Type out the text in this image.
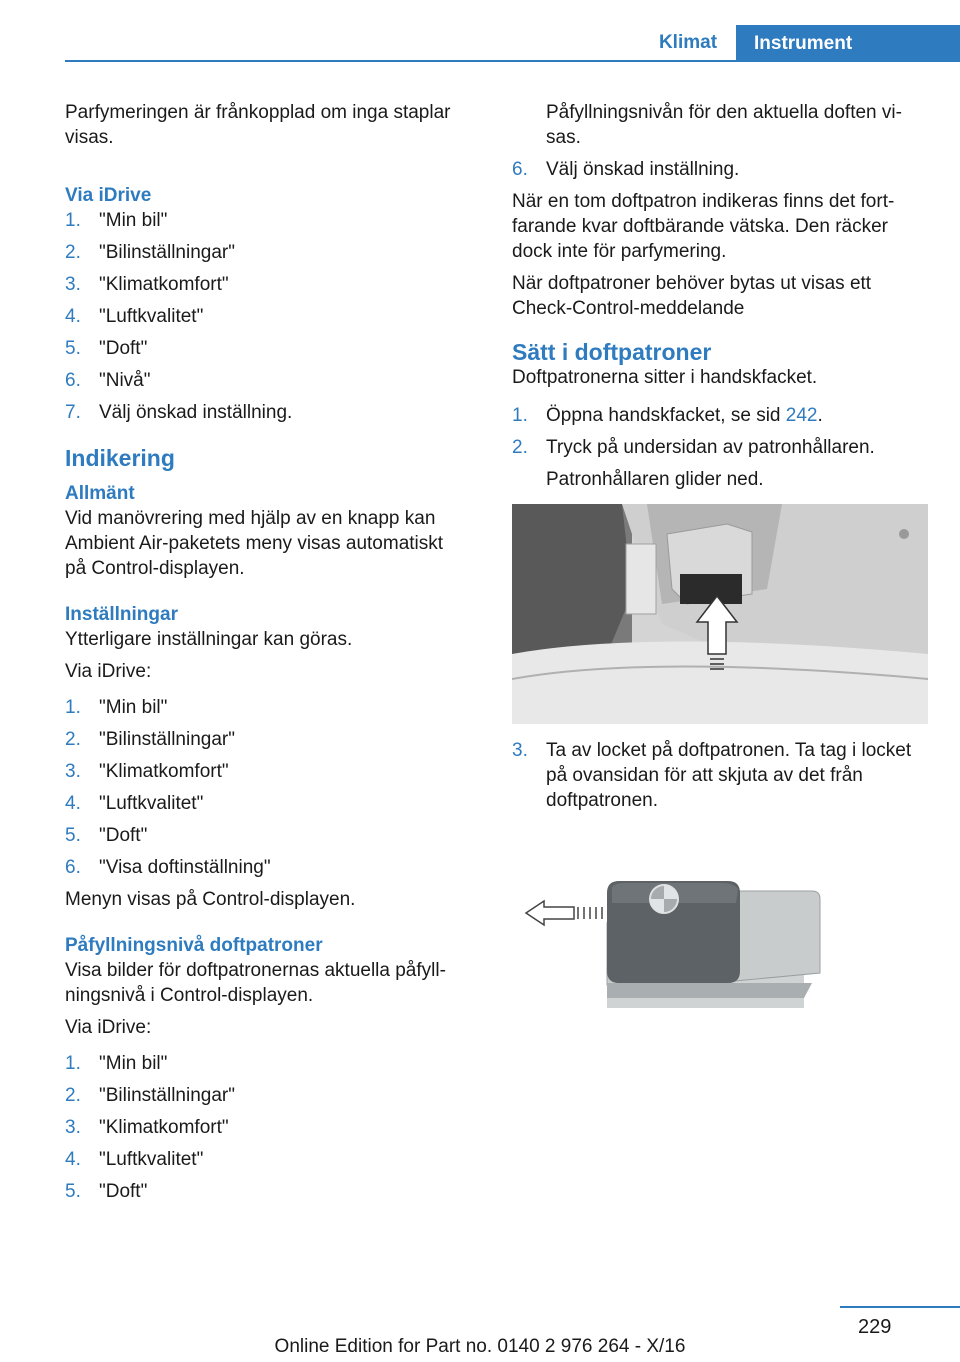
Klimat	Instrument

Parfymeringen är frånkopplad om inga staplar visas.

Via iDrive

1. "Min bil"
2. "Bilinställningar"
3. "Klimatkomfort"
4. "Luftkvalitet"
5. "Doft"
6. "Nivå"
7. Välj önskad inställning.

Indikering

Allmänt

Vid manövrering med hjälp av en knapp kan Ambient Air-paketets meny visas automatiskt på Control-displayen.

Inställningar

Ytterligare inställningar kan göras.

Via iDrive:

1. "Min bil"
2. "Bilinställningar"
3. "Klimatkomfort"
4. "Luftkvalitet"
5. "Doft"
6. "Visa doftinställning"

Menyn visas på Control-displayen.

Påfyllningsnivå doftpatroner

Visa bilder för doftpatronernas aktuella påfyllningsnivå i Control-displayen.

Via iDrive:

1. "Min bil"
2. "Bilinställningar"
3. "Klimatkomfort"
4. "Luftkvalitet"
5. "Doft"

Påfyllningsnivån för den aktuella doften visas.

6. Välj önskad inställning.

När en tom doftpatron indikeras finns det fortfarande kvar doftbärande vätska. Den räcker dock inte för parfymering.

När doftpatroner behöver bytas ut visas ett Check-Control-meddelande

Sätt i doftpatroner

Doftpatronerna sitter i handskfacket.

1. Öppna handskfacket, se sid 242.
2. Tryck på undersidan av patronhållaren.

Patronhållaren glider ned.

3. Ta av locket på doftpatronen. Ta tag i locket på ovansidan för att skjuta av det från doftpatronen.
229
Online Edition for Part no. 0140 2 976 264 - X/16
